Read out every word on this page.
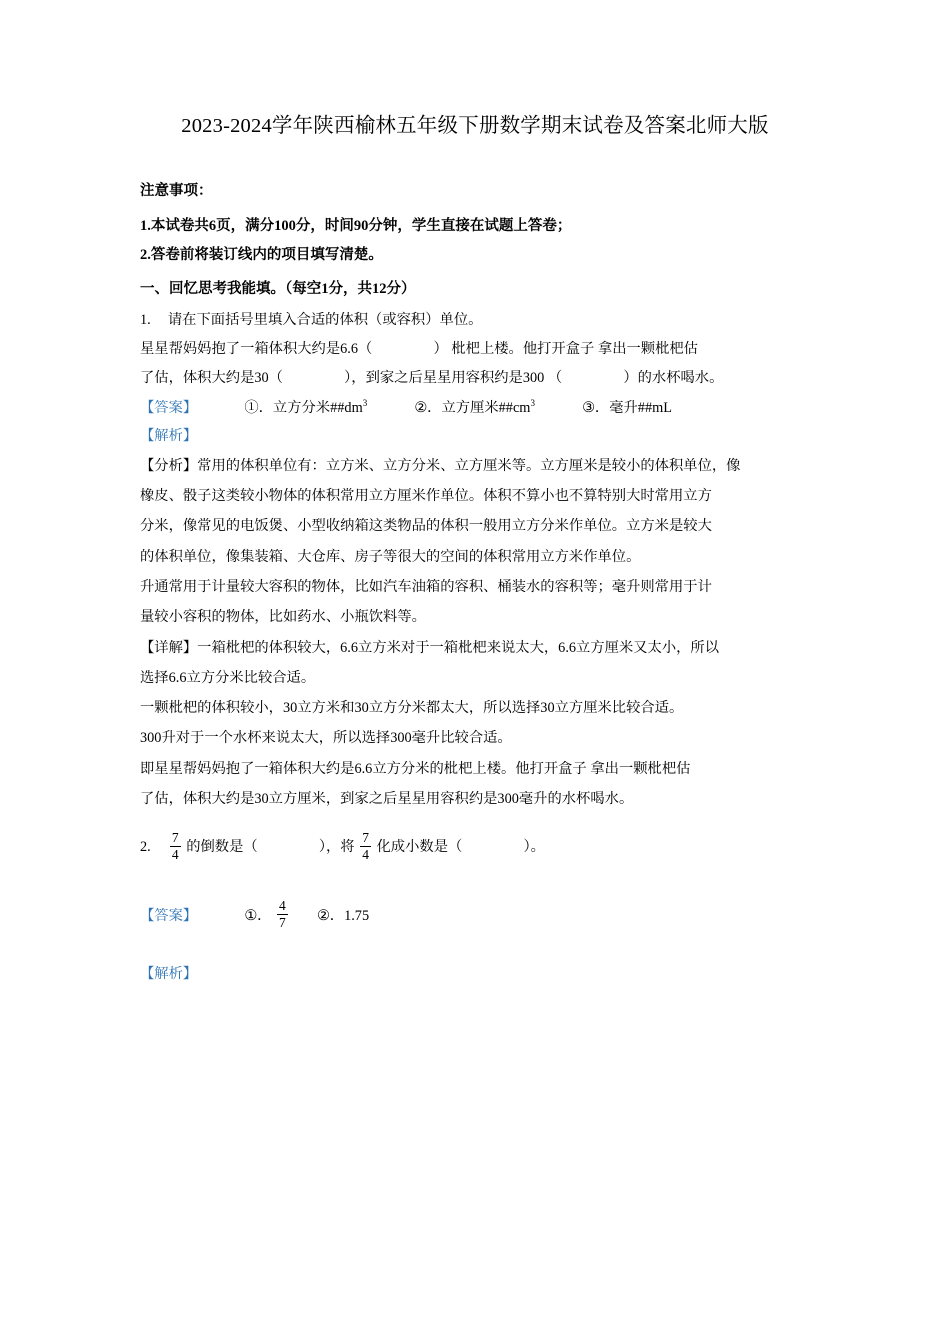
2023-2024学年陕西榆林五年级下册数学期末试卷及答案北师大版
注意事项：
1.本试卷共6页，满分100分，时间90分钟，学生直接在试题上答卷；
2.答卷前将装订线内的项目填写清楚。
一、回忆思考我能填。（每空1分，共12分）
1. 请在下面括号里填入合适的体积（或容积）单位。
星星帮妈妈抱了一箱体积大约是6.6（	） 枇杷上楼。他打开盒子 拿出一颗枇杷估
了估，体积大约是30（	），到家之后星星用容积约是300 （	）的水杯喝水。
【答案】	①．立方分米$\#\#dm^3$	②．立方厘米$\#\#cm^3$	③．毫升##mL
【解析】
【分析】常用的体积单位有：立方米、立方分米、立方厘米等。立方厘米是较小的体积单位，像
橡皮、骰子这类较小物体的体积常用立方厘米作单位。体积不算小也不算特别大时常用立方
分米，像常见的电饭煲、小型收纳箱这类物品的体积一般用立方分米作单位。立方米是较大
的体积单位，像集装箱、大仓库、房子等很大的空间的体积常用立方米作单位。
升通常用于计量较大容积的物体，比如汽车油箱的容积、桶装水的容积等；毫升则常用于计
量较小容积的物体，比如药水、小瓶饮料等。
【详解】一箱枇杷的体积较大，6.6立方米对于一箱枇杷来说太大，6.6立方厘米又太小，所以
选择6.6立方分米比较合适。
一颗枇杷的体积较小，30立方米和30立方分米都太大，所以选择30立方厘米比较合适。
300升对于一个水杯来说太大，所以选择300毫升比较合适。
即星星帮妈妈抱了一箱体积大约是6.6立方分米的枇杷上楼。他打开盒子 拿出一颗枇杷估
了估，体积大约是30立方厘米，到家之后星星用容积约是300毫升的水杯喝水。
2. $\frac{7}{4}$ 的倒数是（	），将 $\frac{7}{4}$ 化成小数是（	）。
【答案】	①． $\frac{4}{7}$ ②．1.75
【解析】
